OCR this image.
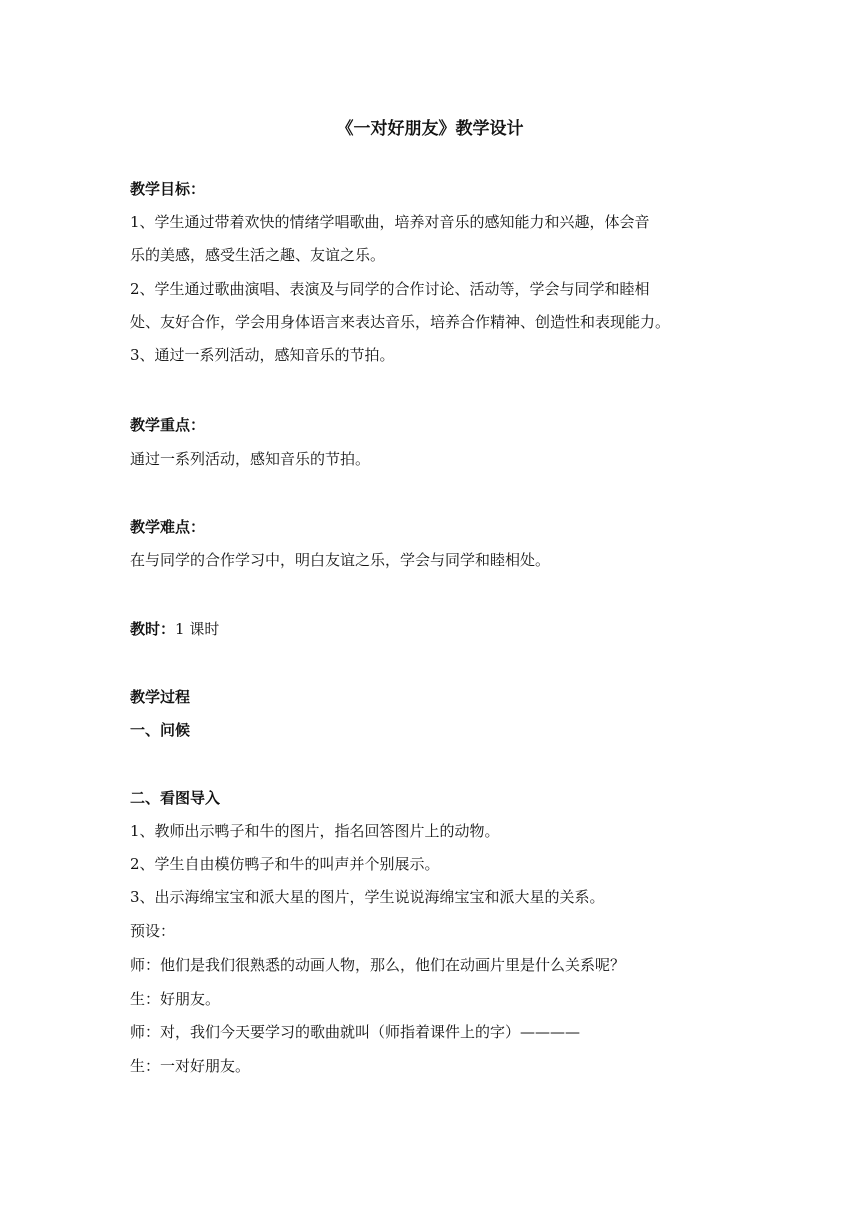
《一对好朋友》教学设计
教学目标：
1、学生通过带着欢快的情绪学唱歌曲，培养对音乐的感知能力和兴趣，体会音
乐的美感，感受生活之趣、友谊之乐。
2、学生通过歌曲演唱、表演及与同学的合作讨论、活动等，学会与同学和睦相
处、友好合作，学会用身体语言来表达音乐，培养合作精神、创造性和表现能力。
3、通过一系列活动，感知音乐的节拍。
教学重点：
通过一系列活动，感知音乐的节拍。
教学难点：
在与同学的合作学习中，明白友谊之乐，学会与同学和睦相处。
教时：1 课时
教学过程
一、问候
二、看图导入
1、教师出示鸭子和牛的图片，指名回答图片上的动物。
2、学生自由模仿鸭子和牛的叫声并个别展示。
3、出示海绵宝宝和派大星的图片，学生说说海绵宝宝和派大星的关系。
预设：
师：他们是我们很熟悉的动画人物，那么，他们在动画片里是什么关系呢？
生：好朋友。
师：对，我们今天要学习的歌曲就叫（师指着课件上的字）————
生：一对好朋友。
